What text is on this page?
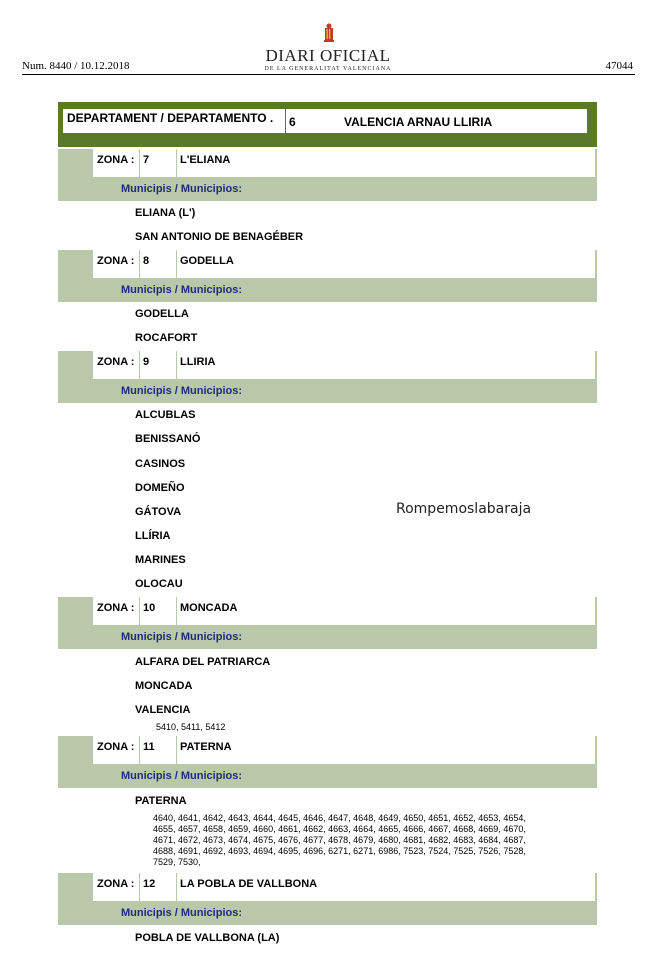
Num. 8440 / 10.12.2018
DIARI OFICIAL
DE LA GENERALITAT VALENCIANA	47044
DEPARTAMENT / DEPARTAMENTO .	6	VALENCIA ARNAU LLIRIA
ZONA : 7	L'ELIANA
Municipis / Municipios:
ELIANA (L')
SAN ANTONIO DE BENAGÉBER
ZONA : 8	GODELLA
Municipis / Municipios:
GODELLA
ROCAFORT
ZONA : 9	LLIRIA
Municipis / Municipios:
ALCUBLAS
BENISSANÓ
CASINOS
DOMEÑO
GÁTOVA
LLÍRIA
MARINES
OLOCAU
ZONA : 10	MONCADA
Municipis / Municipios:
ALFARA DEL PATRIARCA
MONCADA
VALENCIA
5410, 5411, 5412
ZONA : 11	PATERNA
Municipis / Municipios:
PATERNA
4640, 4641, 4642, 4643, 4644, 4645, 4646, 4647, 4648, 4649, 4650, 4651, 4652, 4653, 4654,
4655, 4657, 4658, 4659, 4660, 4661, 4662, 4663, 4664, 4665, 4666, 4667, 4668, 4669, 4670,
4671, 4672, 4673, 4674, 4675, 4676, 4677, 4678, 4679, 4680, 4681, 4682, 4683, 4684, 4687,
4688, 4691, 4692, 4693, 4694, 4695, 4696, 6271, 6271, 6986, 7523, 7524, 7525, 7526, 7528,
7529, 7530,
ZONA : 12	LA POBLA DE VALLBONA
Municipis / Municipios:
POBLA DE VALLBONA (LA)
Rompemoslabaraja
